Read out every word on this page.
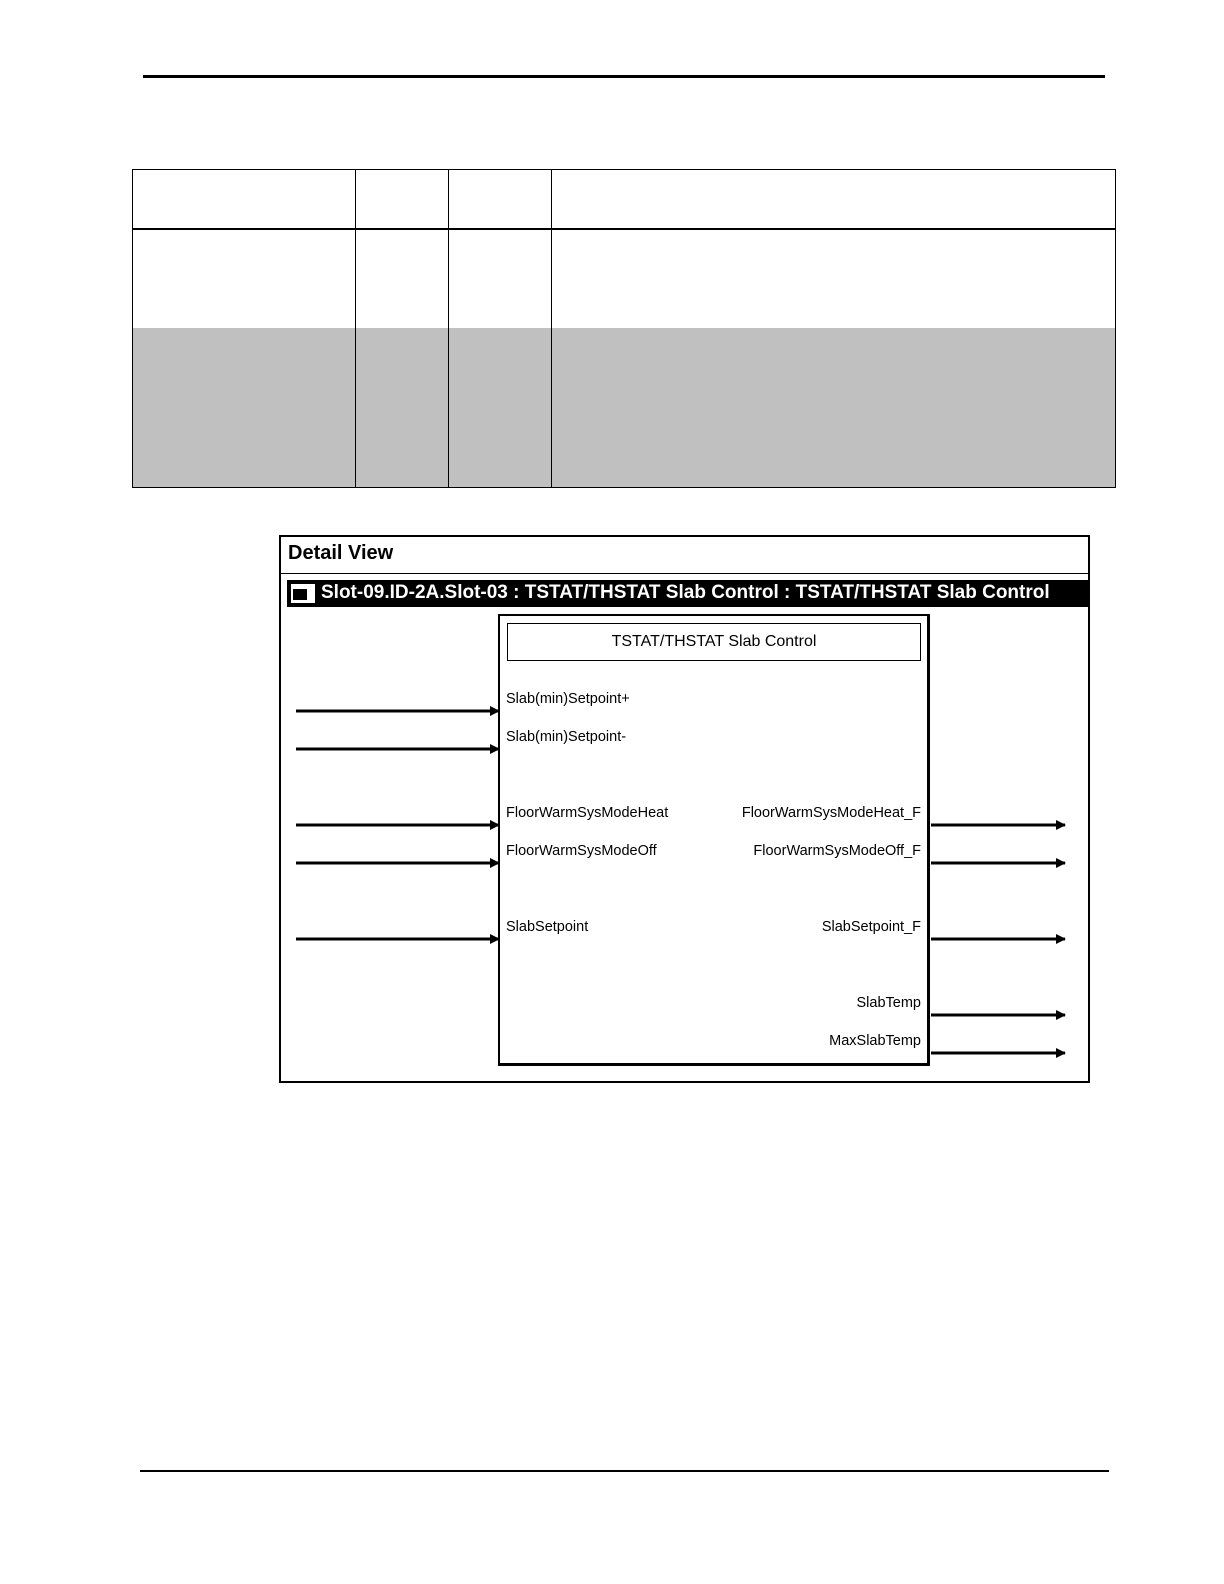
Detail View
Slot-09.ID-2A.Slot-03 : TSTAT/THSTAT Slab Control : TSTAT/THSTAT Slab Control
TSTAT/THSTAT Slab Control
Slab(min)Setpoint+
Slab(min)Setpoint-
FloorWarmSysModeHeat
FloorWarmSysModeOff
SlabSetpoint
FloorWarmSysModeHeat_F
FloorWarmSysModeOff_F
SlabSetpoint_F
SlabTemp
MaxSlabTemp
